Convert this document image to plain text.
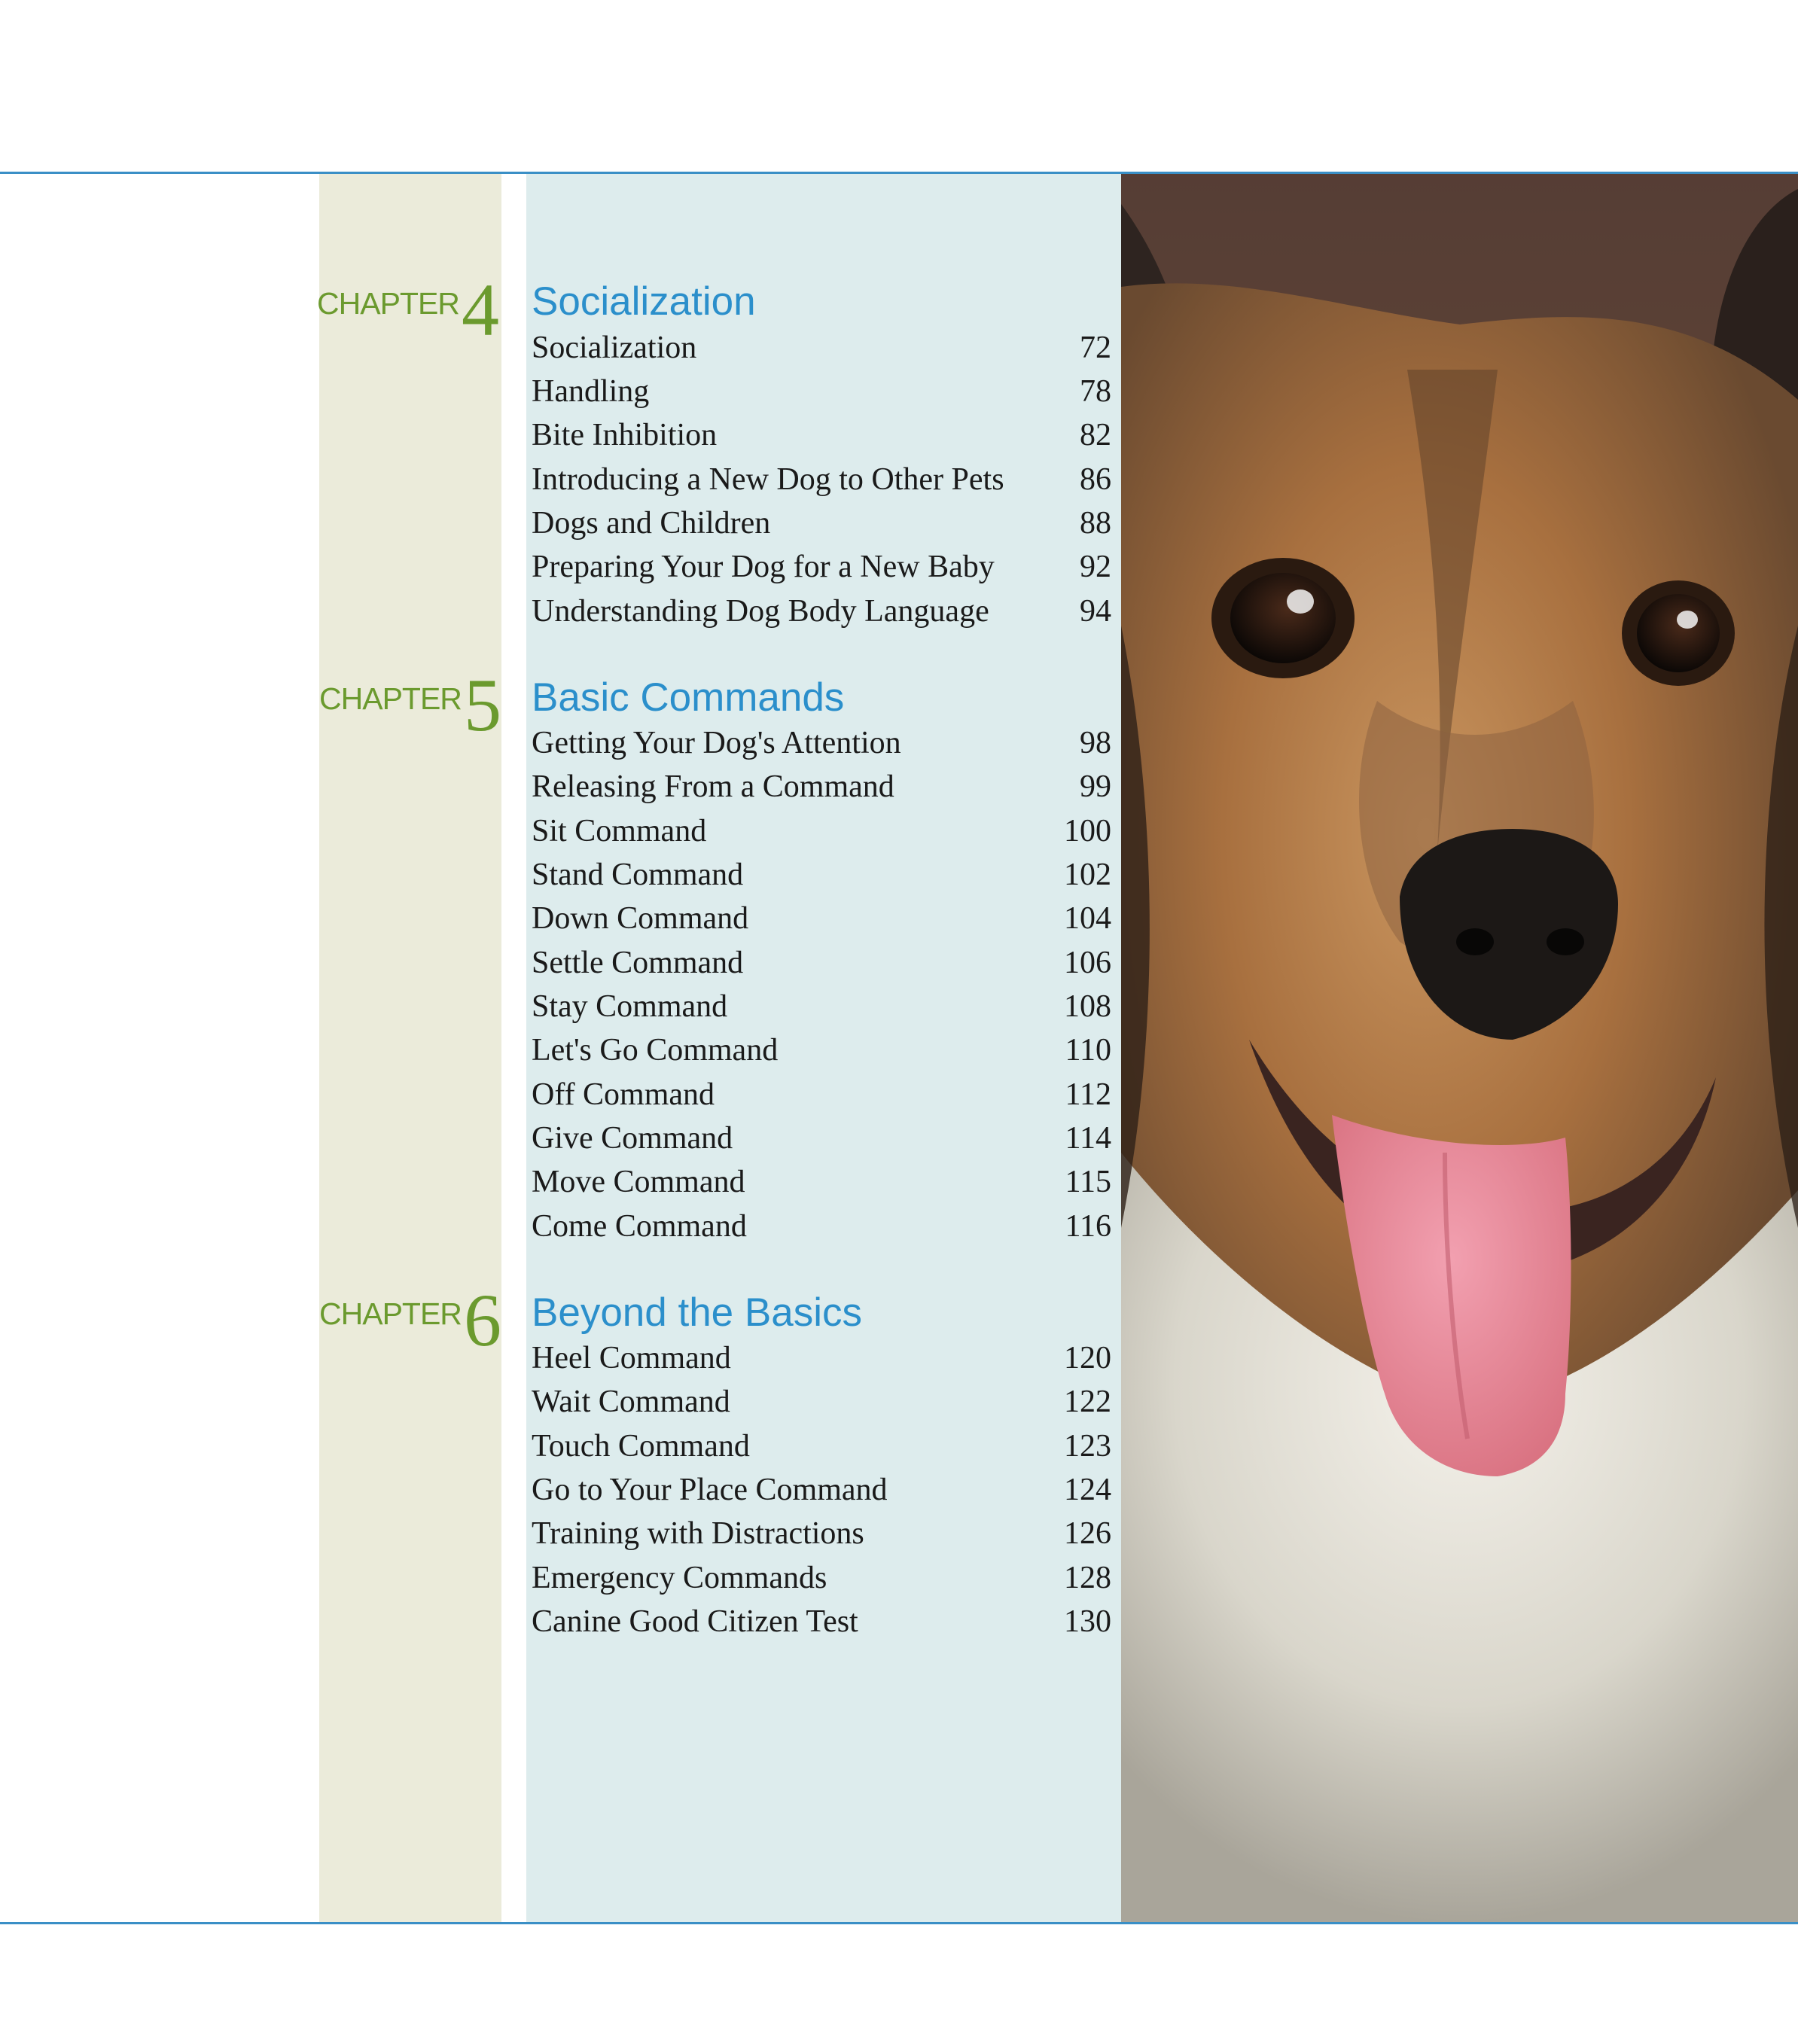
CHAPTER 4 Socialization
Socialization	72
Handling	78
Bite Inhibition	82
Introducing a New Dog to Other Pets 86
Dogs and Children	88
Preparing Your Dog for a New Baby	92
Understanding Dog Body Language	94
CHAPTER 5 Basic Commands
Getting Your Dog's Attention	98
Releasing From a Command	99
Sit Command	100
Stand Command	102
Down Command	104
Settle Command	106
Stay Command	108
Let's Go Command	110
Off Command	112
Give Command	114
Move Command	115
Come Command	116
CHAPTER 6 Beyond the Basics
Heel Command	120
Wait Command	122
Touch Command	123
Go to Your Place Command	124
Training with Distractions	126
Emergency Commands	128
Canine Good Citizen Test	130
